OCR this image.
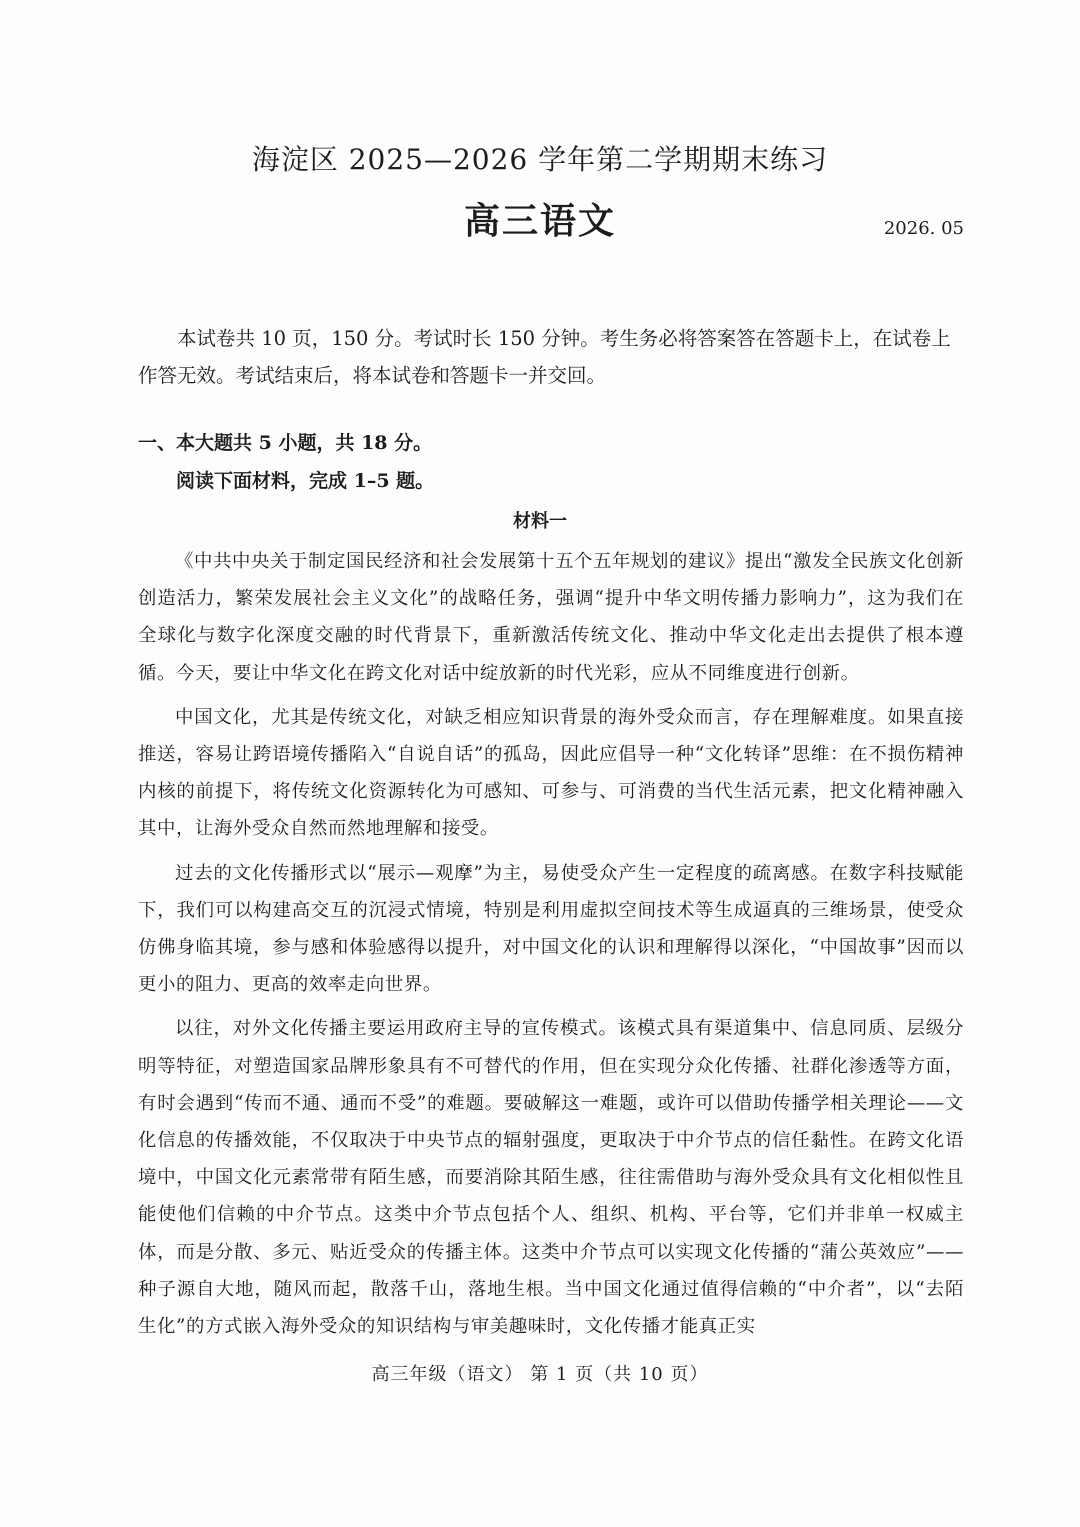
海淀区 2025—2026 学年第二学期期末练习
高三语文	2026. 05
本试卷共 10 页，150 分。考试时长 150 分钟。考生务必将答案答在答题卡上，在试卷上作答无效。考试结束后，将本试卷和答题卡一并交回。
一、本大题共 5 小题，共 18 分。
阅读下面材料，完成 1–5 题。
材料一

《中共中央关于制定国民经济和社会发展第十五个五年规划的建议》提出“激发全民族文化创新创造活力，繁荣发展社会主义文化”的战略任务，强调“提升中华文明传播力影响力”，这为我们在全球化与数字化深度交融的时代背景下，重新激活传统文化、推动中华文化走出去提供了根本遵循。今天，要让中华文化在跨文化对话中绽放新的时代光彩，应从不同维度进行创新。

中国文化，尤其是传统文化，对缺乏相应知识背景的海外受众而言，存在理解难度。如果直接推送，容易让跨语境传播陷入“自说自话”的孤岛，因此应倡导一种“文化转译”思维：在不损伤精神内核的前提下，将传统文化资源转化为可感知、可参与、可消费的当代生活元素，把文化精神融入其中，让海外受众自然而然地理解和接受。

过去的文化传播形式以“展示—观摩”为主，易使受众产生一定程度的疏离感。在数字科技赋能下，我们可以构建高交互的沉浸式情境，特别是利用虚拟空间技术等生成逼真的三维场景，使受众仿佛身临其境，参与感和体验感得以提升，对中国文化的认识和理解得以深化，“中国故事”因而以更小的阻力、更高的效率走向世界。

以往，对外文化传播主要运用政府主导的宣传模式。该模式具有渠道集中、信息同质、层级分明等特征，对塑造国家品牌形象具有不可替代的作用，但在实现分众化传播、社群化渗透等方面，有时会遇到“传而不通、通而不受”的难题。要破解这一难题，或许可以借助传播学相关理论——文化信息的传播效能，不仅取决于中央节点的辐射强度，更取决于中介节点的信任黏性。在跨文化语境中，中国文化元素常带有陌生感，而要消除其陌生感，往往需借助与海外受众具有文化相似性且能使他们信赖的中介节点。这类中介节点包括个人、组织、机构、平台等，它们并非单一权威主体，而是分散、多元、贴近受众的传播主体。这类中介节点可以实现文化传播的“蒲公英效应”——种子源自大地，随风而起，散落千山，落地生根。当中国文化通过值得信赖的“中介者”，以“去陌生化”的方式嵌入海外受众的知识结构与审美趣味时，文化传播才能真正实

高三年级（语文） 第 1 页（共 10 页）
